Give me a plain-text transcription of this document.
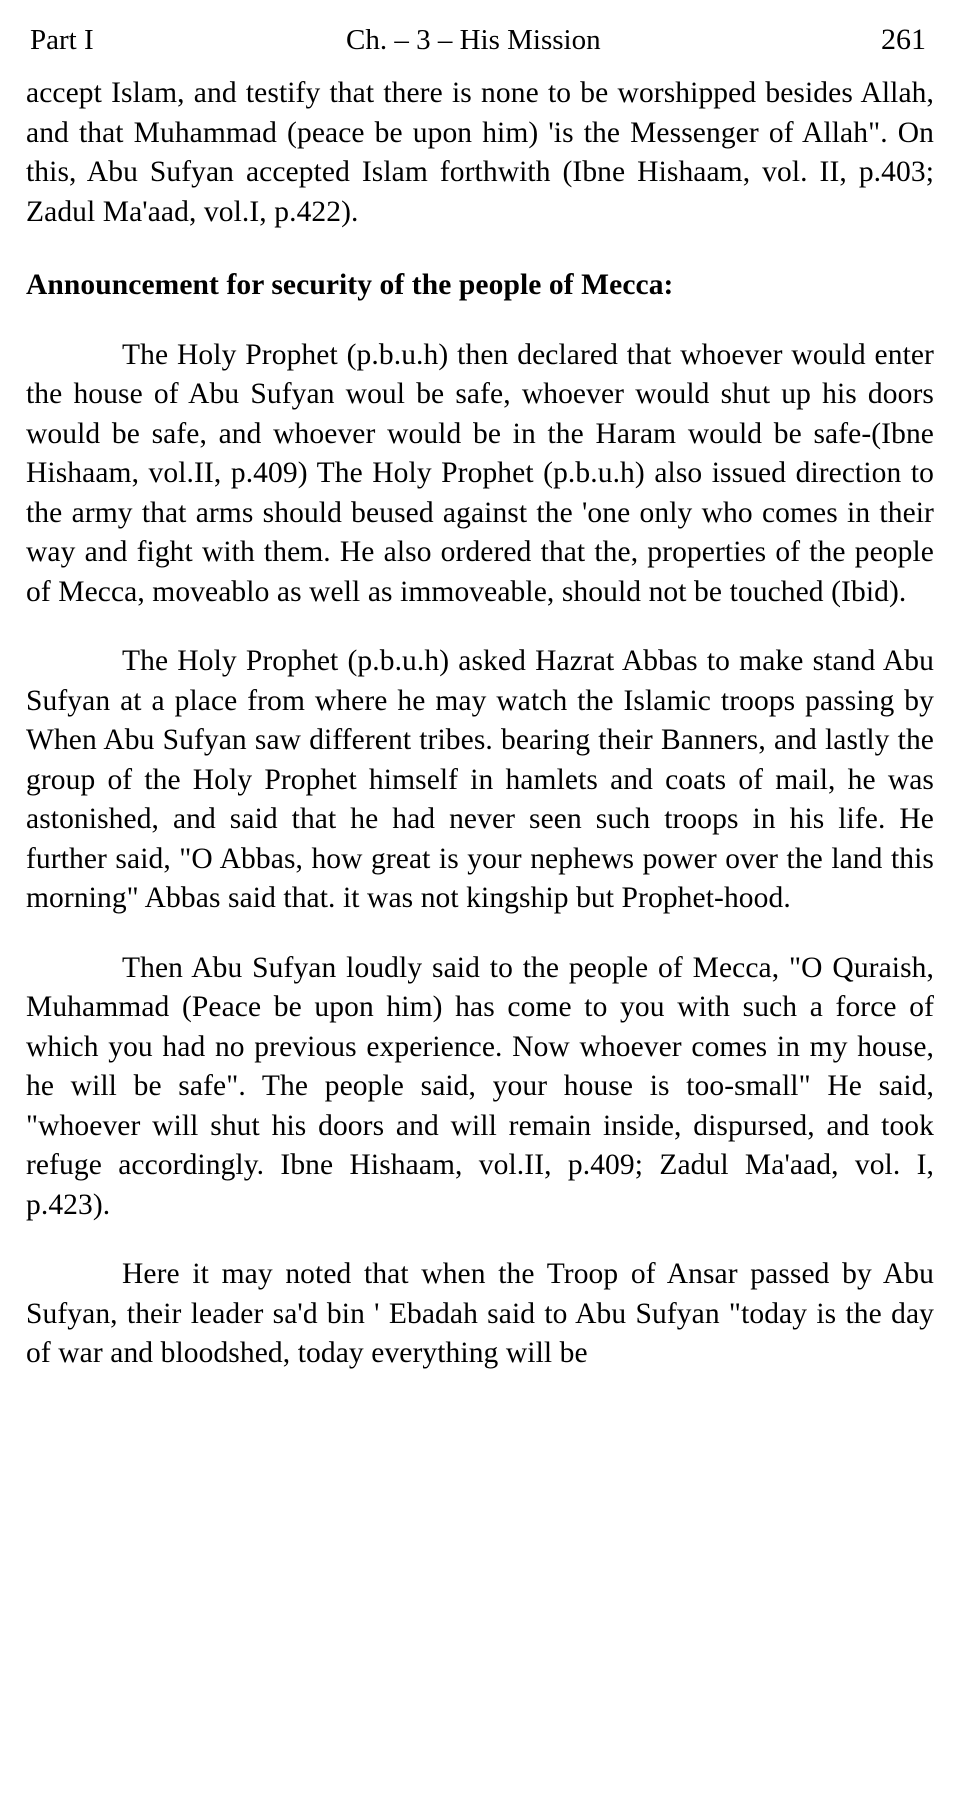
Part I	Ch. – 3 – His Mission	261

accept Islam, and testify that there is none to be worshipped besides Allah, and that Muhammad (peace be upon him) 'is the Messenger of Allah". On this, Abu Sufyan accepted Islam forthwith (Ibne Hishaam, vol. II, p.403; Zadul Ma'aad, vol.I, p.422).

Announcement for security of the people of Mecca:

The Holy Prophet (p.b.u.h) then declared that whoever would enter the house of Abu Sufyan woul be safe, whoever would shut up his doors would be safe, and whoever would be in the Haram would be safe-(Ibne Hishaam, vol.II, p.409) The Holy Prophet (p.b.u.h) also issued direction to the army that arms should beused against the 'one only who comes in their way and fight with them. He also ordered that the, properties of the people of Mecca, moveablo as well as immoveable, should not be touched (Ibid).

The Holy Prophet (p.b.u.h) asked Hazrat Abbas to make stand Abu Sufyan at a place from where he may watch the Islamic troops passing by When Abu Sufyan saw different tribes. bearing their Banners, and lastly the group of the Holy Prophet himself in hamlets and coats of mail, he was astonished, and said that he had never seen such troops in his life. He further said, "O Abbas, how great is your nephews power over the land this morning" Abbas said that. it was not kingship but Prophet-hood.

Then Abu Sufyan loudly said to the people of Mecca, "O Quraish, Muhammad (Peace be upon him) has come to you with such a force of which you had no previous experience. Now whoever comes in my house, he will be safe". The people said, your house is too-small" He said, "whoever will shut his doors and will remain inside, dispursed, and took refuge accordingly. Ibne Hishaam, vol.II, p.409; Zadul Ma'aad, vol. I, p.423).

Here it may noted that when the Troop of Ansar passed by Abu Sufyan, their leader sa'd bin ' Ebadah said to Abu Sufyan "today is the day of war and bloodshed, today everything will be
